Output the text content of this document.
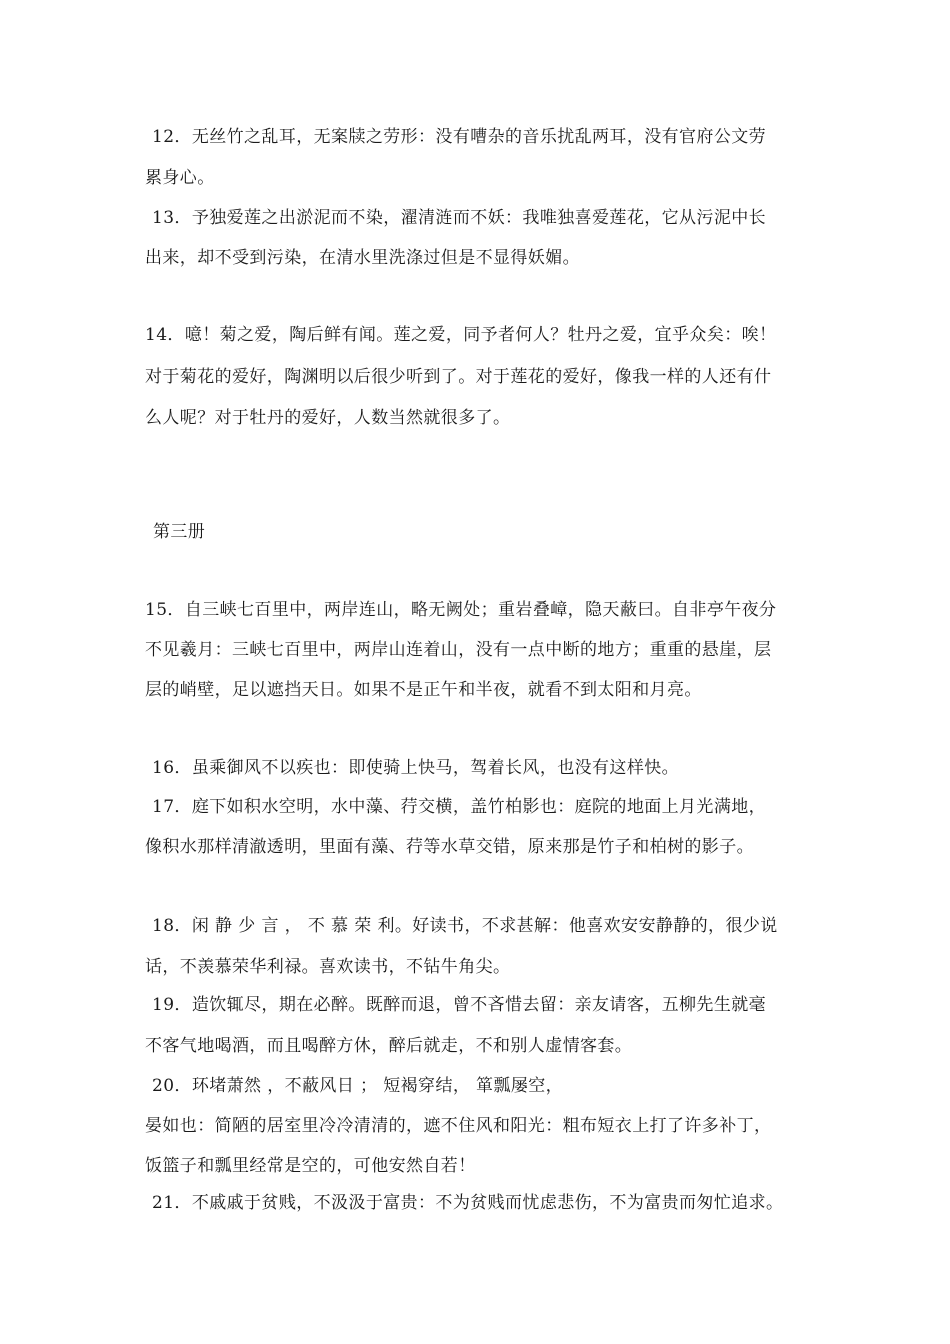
12．无丝竹之乱耳，无案牍之劳形：没有嘈杂的音乐扰乱两耳，没有官府公文劳
累身心。
13．予独爱莲之出淤泥而不染，濯清涟而不妖：我唯独喜爱莲花，它从污泥中长
出来，却不受到污染，在清水里洗涤过但是不显得妖媚。
14．噫！菊之爱，陶后鲜有闻。莲之爱，同予者何人？牡丹之爱，宜乎众矣：唉！
对于菊花的爱好，陶渊明以后很少听到了。对于莲花的爱好，像我一样的人还有什
么人呢？对于牡丹的爱好，人数当然就很多了。
第三册
15．自三峡七百里中，两岸连山，略无阙处；重岩叠嶂，隐天蔽曰。自非亭午夜分
不见羲月：三峡七百里中，两岸山连着山，没有一点中断的地方；重重的悬崖，层
层的峭壁，足以遮挡天日。如果不是正午和半夜，就看不到太阳和月亮。
16．虽乘御风不以疾也：即使骑上快马，驾着长风，也没有这样快。
17．庭下如积水空明，水中藻、荇交横，盖竹柏影也：庭院的地面上月光满地，
像积水那样清澈透明，里面有藻、荇等水草交错，原来那是竹子和柏树的影子。
18．闲 静 少 言 ， 不 慕 荣 利。好读书，不求甚解：他喜欢安安静静的，很少说
话，不羡慕荣华利禄。喜欢读书，不钻牛角尖。
19．造饮辄尽，期在必醉。既醉而退，曾不吝惜去留：亲友请客，五柳先生就毫
不客气地喝酒，而且喝醉方休，醉后就走，不和别人虚情客套。
20．环堵萧然 ，不蔽风日 ； 短褐穿结， 箪瓢屡空，
晏如也：简陋的居室里冷冷清清的，遮不住风和阳光：粗布短衣上打了许多补丁，
饭篮子和瓢里经常是空的，可他安然自若！
21．不戚戚于贫贱，不汲汲于富贵：不为贫贱而忧虑悲伤，不为富贵而匆忙追求。
